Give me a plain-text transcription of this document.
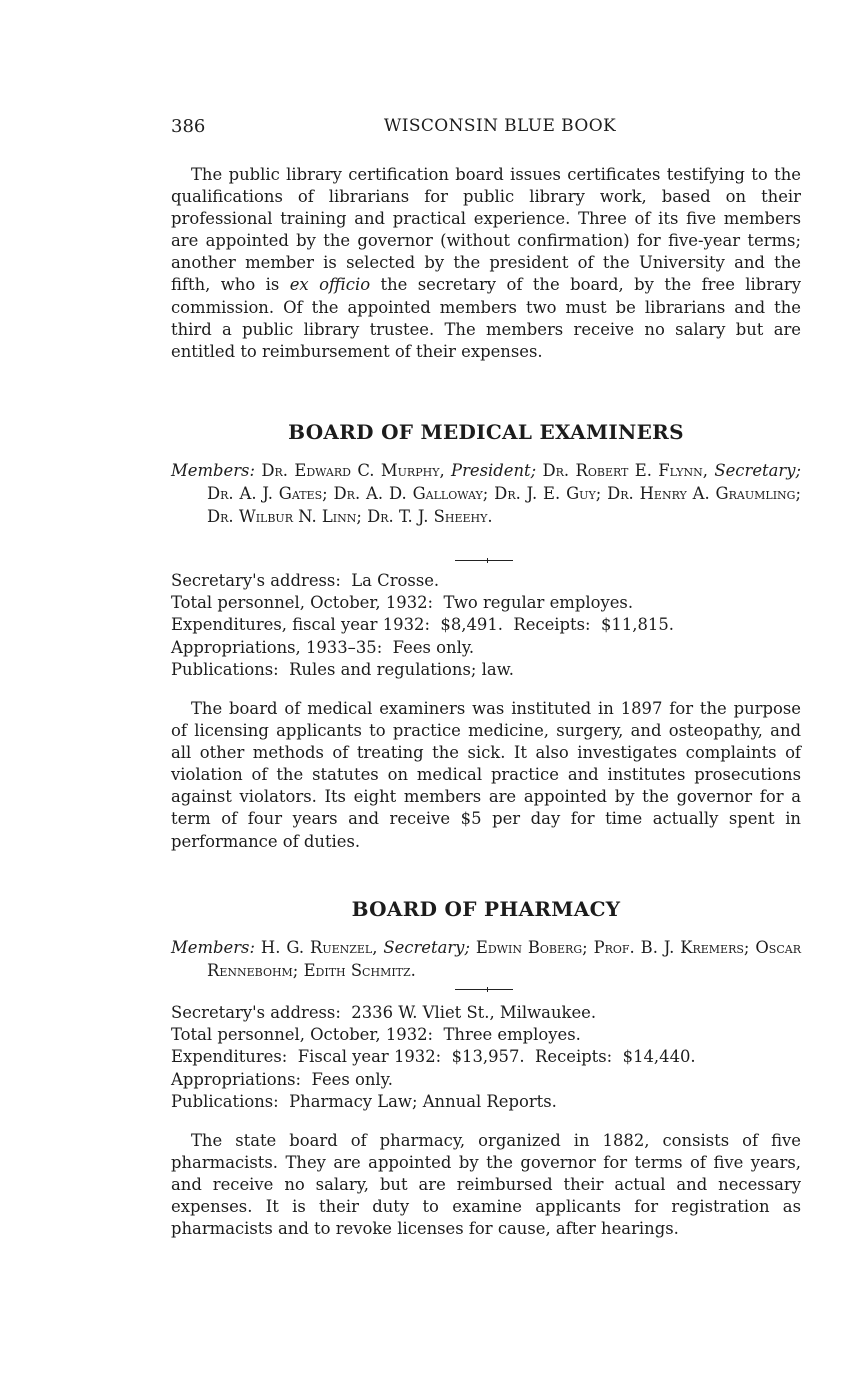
386	WISCONSIN BLUE BOOK

The public library certification board issues certificates testifying to the qualifications of librarians for public library work, based on their professional training and practical experience. Three of its five members are appointed by the governor (without confirmation) for five-year terms; another member is selected by the president of the University and the fifth, who is ex officio the secretary of the board, by the free library commission. Of the appointed members two must be librarians and the third a public library trustee. The members receive no salary but are entitled to reimbursement of their expenses.

BOARD OF MEDICAL EXAMINERS

Members: Dr. Edward C. Murphy, President; Dr. Robert E. Flynn, Secretary; Dr. A. J. Gates; Dr. A. D. Galloway; Dr. J. E. Guy; Dr. Henry A. Graumling; Dr. Wilbur N. Linn; Dr. T. J. Sheehy.

Secretary's address: La Crosse.
Total personnel, October, 1932: Two regular employes.
Expenditures, fiscal year 1932: $8,491. Receipts: $11,815.
Appropriations, 1933–35: Fees only.
Publications: Rules and regulations; law.

The board of medical examiners was instituted in 1897 for the purpose of licensing applicants to practice medicine, surgery, and osteopathy, and all other methods of treating the sick. It also investigates complaints of violation of the statutes on medical practice and institutes prosecutions against violators. Its eight members are appointed by the governor for a term of four years and receive $5 per day for time actually spent in performance of duties.

BOARD OF PHARMACY

Members: H. G. Ruenzel, Secretary; Edwin Boberg; Prof. B. J. Kremers; Oscar Rennebohm; Edith Schmitz.

Secretary's address: 2336 W. Vliet St., Milwaukee.
Total personnel, October, 1932: Three employes.
Expenditures: Fiscal year 1932: $13,957. Receipts: $14,440.
Appropriations: Fees only.
Publications: Pharmacy Law; Annual Reports.

The state board of pharmacy, organized in 1882, consists of five pharmacists. They are appointed by the governor for terms of five years, and receive no salary, but are reimbursed their actual and necessary expenses. It is their duty to examine applicants for registration as pharmacists and to revoke licenses for cause, after hearings.
